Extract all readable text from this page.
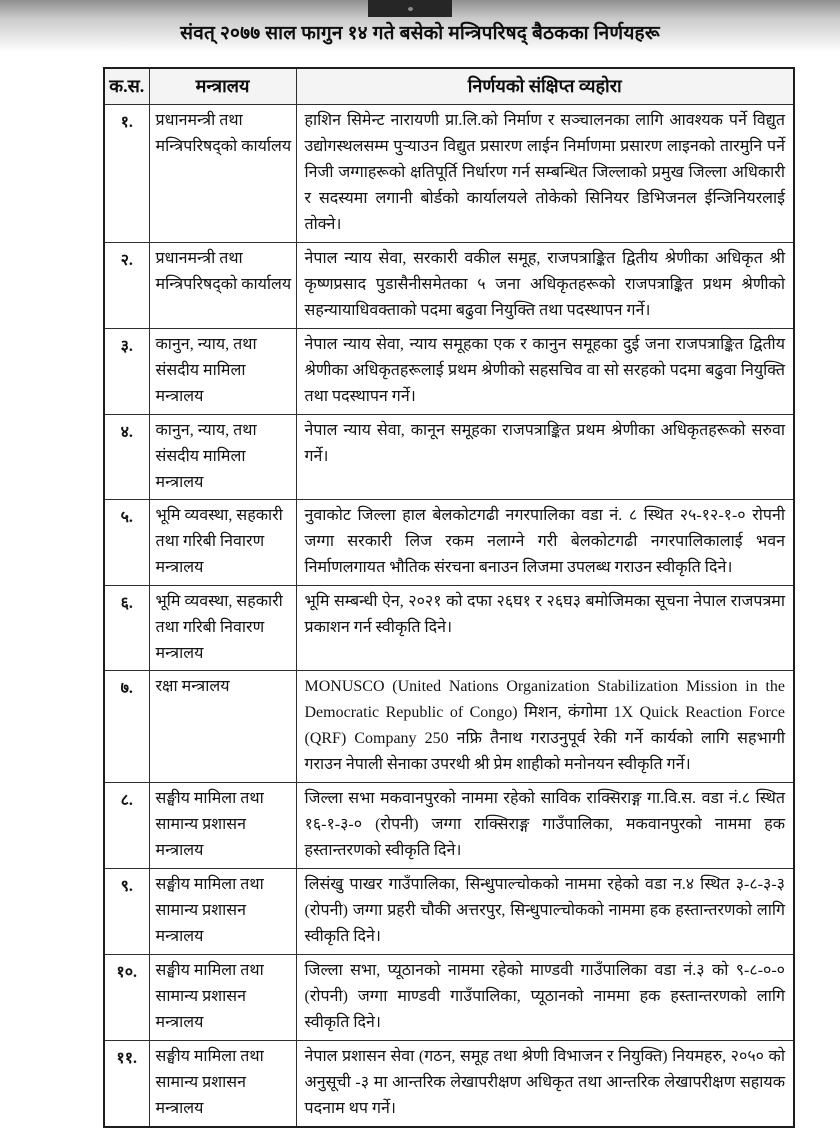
संवत् २०७७ साल फागुन १४ गते बसेको मन्त्रिपरिषद् बैठकका निर्णयहरू
क.स.	मन्त्रालय	निर्णयको संक्षिप्त व्यहोरा
१.	प्रधानमन्त्री तथा मन्त्रिपरिषद्को कार्यालय	हाशिन सिमेन्ट नारायणी प्रा.लि.को निर्माण र सञ्चालनका लागि आवश्यक पर्ने विद्युत उद्योगस्थलसम्म पुऱ्याउन विद्युत प्रसारण लाईन निर्माणमा प्रसारण लाइनको तारमुनि पर्ने निजी जग्गाहरूको क्षतिपूर्ति निर्धारण गर्न सम्बन्धित जिल्लाको प्रमुख जिल्ला अधिकारी र सदस्यमा लगानी बोर्डको कार्यालयले तोकेको सिनियर डिभिजनल ईन्जिनियरलाई तोक्ने।
२.	प्रधानमन्त्री तथा मन्त्रिपरिषद्को कार्यालय	नेपाल न्याय सेवा, सरकारी वकील समूह, राजपत्राङ्कित द्वितीय श्रेणीका अधिकृत श्री कृष्णप्रसाद पुडासैनीसमेतका ५ जना अधिकृतहरूको राजपत्राङ्कित प्रथम श्रेणीको सहन्यायाधिवक्ताको पदमा बढुवा नियुक्ति तथा पदस्थापन गर्ने।
३.	कानुन, न्याय, तथा संसदीय मामिला मन्त्रालय	नेपाल न्याय सेवा, न्याय समूहका एक र कानुन समूहका दुई जना राजपत्राङ्कित द्वितीय श्रेणीका अधिकृतहरूलाई प्रथम श्रेणीको सहसचिव वा सो सरहको पदमा बढुवा नियुक्ति तथा पदस्थापन गर्ने।
४.	कानुन, न्याय, तथा संसदीय मामिला मन्त्रालय	नेपाल न्याय सेवा, कानून समूहका राजपत्राङ्कित प्रथम श्रेणीका अधिकृतहरूको सरुवा गर्ने।
५.	भूमि व्यवस्था, सहकारी तथा गरिबी निवारण मन्त्रालय	नुवाकोट जिल्ला हाल बेलकोटगढी नगरपालिका वडा नं. ८ स्थित २५-१२-१-० रोपनी जग्गा सरकारी लिज रकम नलाग्ने गरी बेलकोटगढी नगरपालिकालाई भवन निर्माणलगायत भौतिक संरचना बनाउन लिजमा उपलब्ध गराउन स्वीकृति दिने।
६.	भूमि व्यवस्था, सहकारी तथा गरिबी निवारण मन्त्रालय	भूमि सम्बन्धी ऐन, २०२१ को दफा २६घ१ र २६घ३ बमोजिमका सूचना नेपाल राजपत्रमा प्रकाशन गर्न स्वीकृति दिने।
७.	रक्षा मन्त्रालय	MONUSCO (United Nations Organization Stabilization Mission in the Democratic Republic of Congo) मिशन, कंगोमा 1X Quick Reaction Force (QRF) Company 250 नफ्रि तैनाथ गराउनुपूर्व रेकी गर्ने कार्यको लागि सहभागी गराउन नेपाली सेनाका उपरथी श्री प्रेम शाहीको मनोनयन स्वीकृति गर्ने।
८.	सङ्घीय मामिला तथा सामान्य प्रशासन मन्त्रालय	जिल्ला सभा मकवानपुरको नाममा रहेको साविक राक्सिराङ्ग गा.वि.स. वडा नं.८ स्थित १६-१-३-० (रोपनी) जग्गा राक्सिराङ्ग गाउँपालिका, मकवानपुरको नाममा हक हस्तान्तरणको स्वीकृति दिने।
९.	सङ्घीय मामिला तथा सामान्य प्रशासन मन्त्रालय	लिसंखु पाखर गाउँपालिका, सिन्धुपाल्चोकको नाममा रहेको वडा न.४ स्थित ३-८-३-३ (रोपनी) जग्गा प्रहरी चौकी अत्तरपुर, सिन्धुपाल्चोकको नाममा हक हस्तान्तरणको लागि स्वीकृति दिने।
१०.	सङ्घीय मामिला तथा सामान्य प्रशासन मन्त्रालय	जिल्ला सभा, प्यूठानको नाममा रहेको माण्डवी गाउँपालिका वडा नं.३ को ९-८-०-० (रोपनी) जग्गा माण्डवी गाउँपालिका, प्यूठानको नाममा हक हस्तान्तरणको लागि स्वीकृति दिने।
११.	सङ्घीय मामिला तथा सामान्य प्रशासन मन्त्रालय	नेपाल प्रशासन सेवा (गठन, समूह तथा श्रेणी विभाजन र नियुक्ति) नियमहरु, २०५० को अनुसूची -३ मा आन्तरिक लेखापरीक्षण अधिकृत तथा आन्तरिक लेखापरीक्षण सहायक पदनाम थप गर्ने।
